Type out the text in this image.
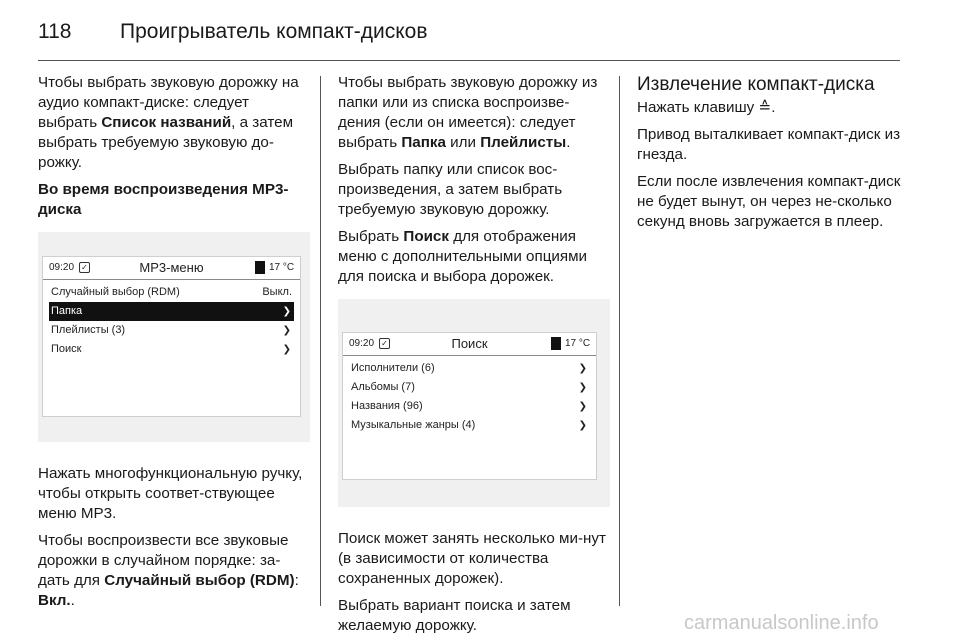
118 Проигрыватель компакт-дисков

Чтобы выбрать звуковую дорожку на аудио компакт-диске: следует выбрать Список названий, а затем выбрать требуемую звуковую до-рожку.

Во время воспроизведения MP3-диска

09:20 ✓	MP3-меню	17 °C
Случайный выбор (RDM)	Выкл.
Папка	❯
Плейлисты (3)	❯
Поиск	❯

Нажать многофункциональную ручку, чтобы открыть соответ-ствующее меню MP3.

Чтобы воспроизвести все звуковые дорожки в случайном порядке: за-дать для Случайный выбор (RDM): Вкл..

Чтобы выбрать звуковую дорожку из папки или из списка воспроизве-дения (если он имеется): следует выбрать Папка или Плейлисты.

Выбрать папку или список вос-произведения, а затем выбрать требуемую звуковую дорожку.

Выбрать Поиск для отображения меню с дополнительными опциями для поиска и выбора дорожек.

09:20 ✓	Поиск	17 °C
Исполнители (6)	❯
Альбомы (7)	❯
Названия (96)	❯
Музыкальные жанры (4)	❯

Поиск может занять несколько ми-нут (в зависимости от количества сохраненных дорожек).

Выбрать вариант поиска и затем желаемую дорожку.

Извлечение компакт-диска

Нажать клавишу ≙.

Привод выталкивает компакт-диск из гнезда.

Если после извлечения компакт-диск не будет вынут, он через не-сколько секунд вновь загружается в плеер.

carmanualsonline.info
